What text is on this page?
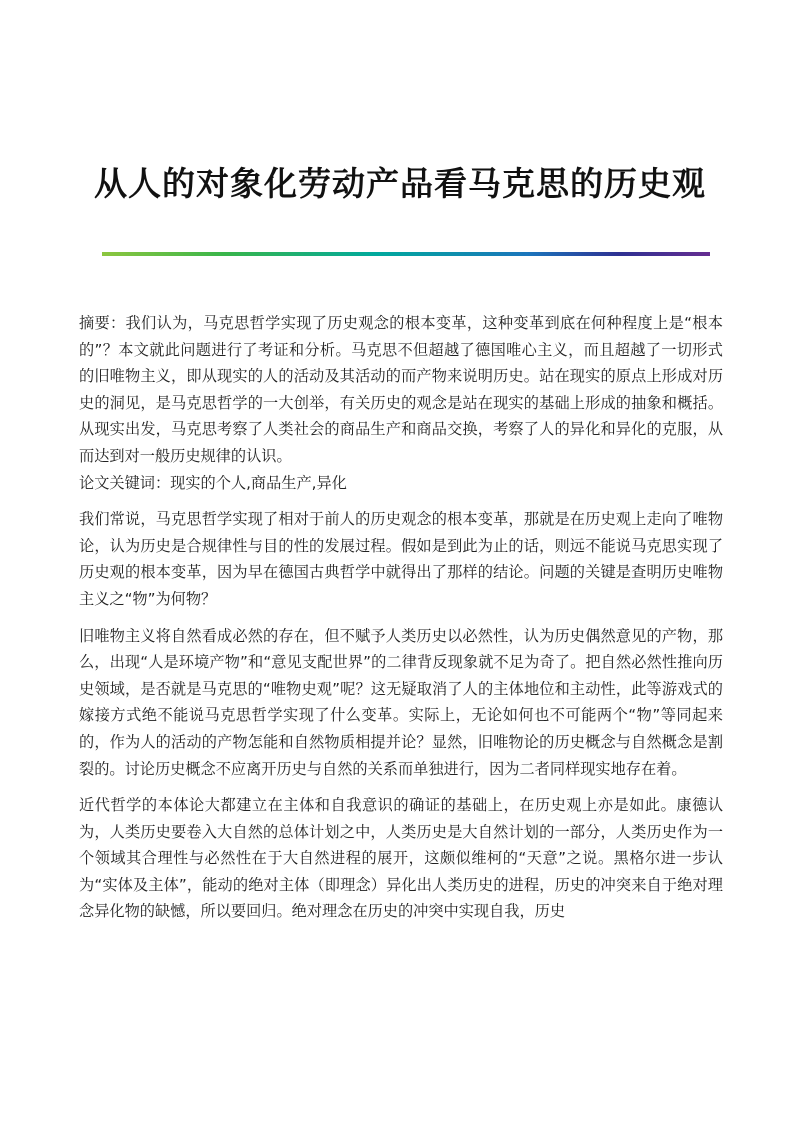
从人的对象化劳动产品看马克思的历史观

摘要：我们认为，马克思哲学实现了历史观念的根本变革，这种变革到底在何种程度上是“根本的”？本文就此问题进行了考证和分析。马克思不但超越了德国唯心主义，而且超越了一切形式的旧唯物主义，即从现实的人的活动及其活动的而产物来说明历史。站在现实的原点上形成对历史的洞见，是马克思哲学的一大创举，有关历史的观念是站在现实的基础上形成的抽象和概括。从现实出发，马克思考察了人类社会的商品生产和商品交换，考察了人的异化和异化的克服，从而达到对一般历史规律的认识。

论文关键词：现实的个人,商品生产,异化

我们常说，马克思哲学实现了相对于前人的历史观念的根本变革，那就是在历史观上走向了唯物论，认为历史是合规律性与目的性的发展过程。假如是到此为止的话，则远不能说马克思实现了历史观的根本变革，因为早在德国古典哲学中就得出了那样的结论。问题的关键是查明历史唯物主义之“物”为何物？

旧唯物主义将自然看成必然的存在，但不赋予人类历史以必然性，认为历史偶然意见的产物，那么，出现“人是环境产物”和“意见支配世界”的二律背反现象就不足为奇了。把自然必然性推向历史领域，是否就是马克思的“唯物史观”呢？这无疑取消了人的主体地位和主动性，此等游戏式的嫁接方式绝不能说马克思哲学实现了什么变革。实际上，无论如何也不可能两个“物”等同起来的，作为人的活动的产物怎能和自然物质相提并论？显然，旧唯物论的历史概念与自然概念是割裂的。讨论历史概念不应离开历史与自然的关系而单独进行，因为二者同样现实地存在着。

近代哲学的本体论大都建立在主体和自我意识的确证的基础上，在历史观上亦是如此。康德认为，人类历史要卷入大自然的总体计划之中，人类历史是大自然计划的一部分，人类历史作为一个领域其合理性与必然性在于大自然进程的展开，这颇似维柯的“天意”之说。黑格尔进一步认为“实体及主体”，能动的绝对主体（即理念）异化出人类历史的进程，历史的冲突来自于绝对理念异化物的缺憾，所以要回归。绝对理念在历史的冲突中实现自我，历史
